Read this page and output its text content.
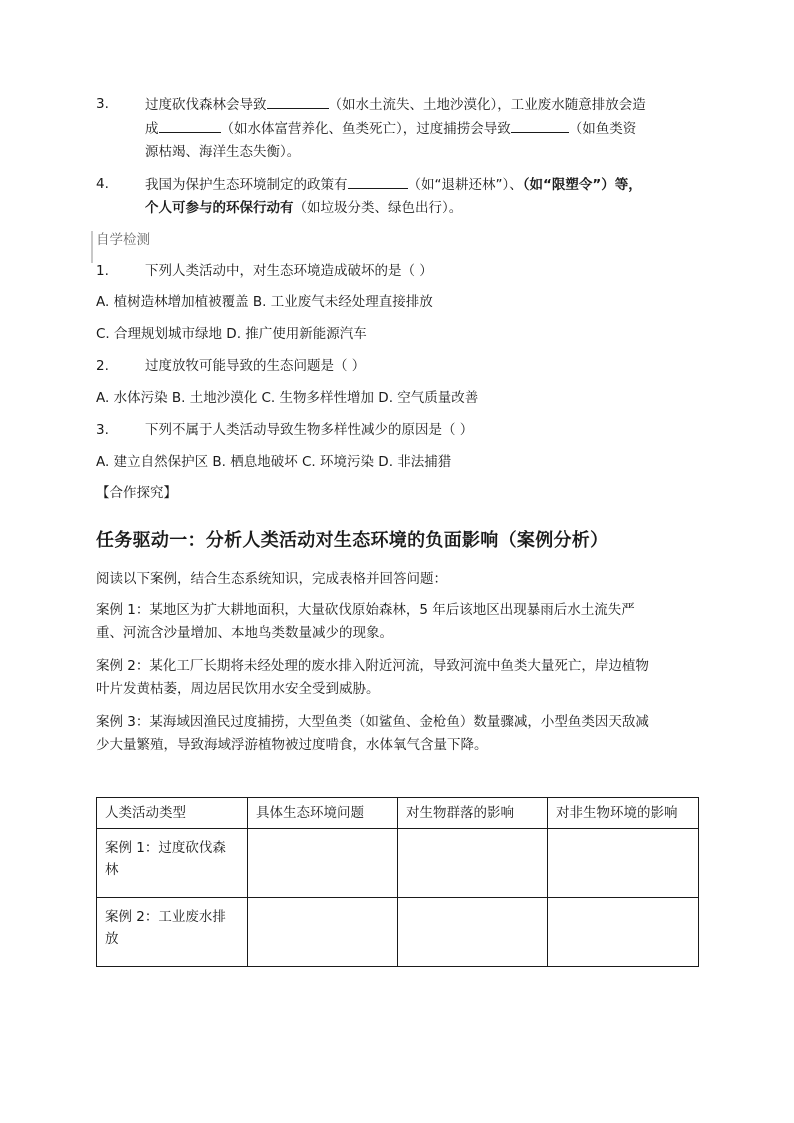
3.	过度砍伐森林会导致	（如水土流失、土地沙漠化），工业废水随意排放会造
成	（如水体富营养化、鱼类死亡），过度捕捞会导致	（如鱼类资
源枯竭、海洋生态失衡）。
4.	我国为保护生态环境制定的政策有	（如“退耕还林”）、（如“限塑令”）等，
个人可参与的环保行动有（如垃圾分类、绿色出行）。
自学检测
1.	下列人类活动中，对生态环境造成破坏的是（ ）
A. 植树造林增加植被覆盖 B. 工业废气未经处理直接排放
C. 合理规划城市绿地 D. 推广使用新能源汽车
2.	过度放牧可能导致的生态问题是（ ）
A. 水体污染 B. 土地沙漠化 C. 生物多样性增加 D. 空气质量改善
3.	下列不属于人类活动导致生物多样性减少的原因是（ ）
A. 建立自然保护区 B. 栖息地破坏 C. 环境污染 D. 非法捕猎
【合作探究】
任务驱动一：分析人类活动对生态环境的负面影响（案例分析）
阅读以下案例，结合生态系统知识，完成表格并回答问题：
案例 1：某地区为扩大耕地面积，大量砍伐原始森林，5 年后该地区出现暴雨后水土流失严
重、河流含沙量增加、本地鸟类数量减少的现象。
案例 2：某化工厂长期将未经处理的废水排入附近河流，导致河流中鱼类大量死亡，岸边植物
叶片发黄枯萎，周边居民饮用水安全受到威胁。
案例 3：某海域因渔民过度捕捞，大型鱼类（如鲨鱼、金枪鱼）数量骤减，小型鱼类因天敌减
少大量繁殖，导致海域浮游植物被过度啃食，水体氧气含量下降。
人类活动类型	具体生态环境问题	对生物群落的影响	对非生物环境的影响
案例 1：过度砍伐森林			
案例 2：工业废水排放			
